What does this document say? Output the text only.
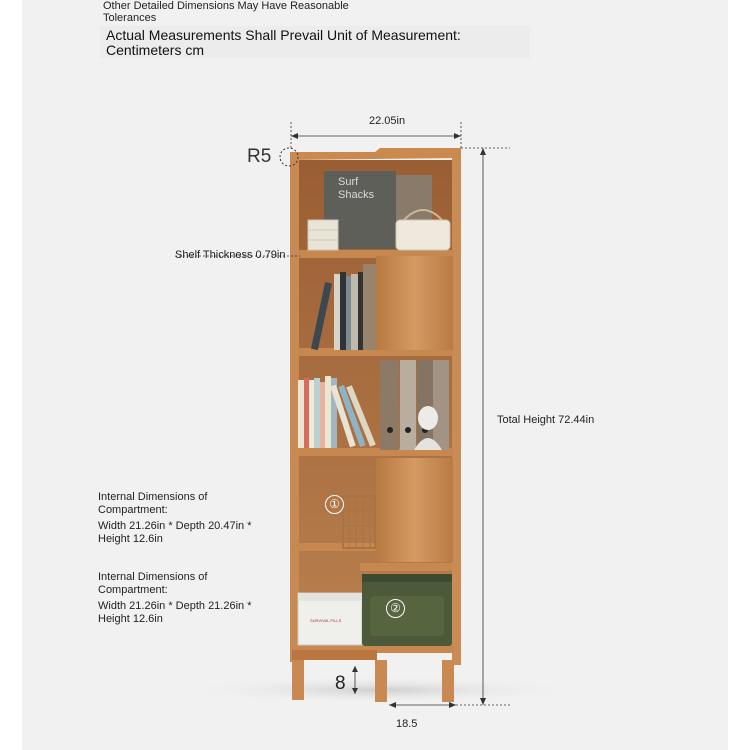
Other Detailed Dimensions May Have Reasonable Tolerances
Actual Measurements Shall Prevail Unit of Measurement: Centimeters cm
SURVIVAL PILLS
22.05in
R5
Shelf Thickness 0.79in
Total Height 72.44in
8
18.5
①
②
Internal Dimensions of Compartment:
Width 21.26in * Depth 20.47in * Height 12.6in
Internal Dimensions of Compartment:
Width 21.26in * Depth 21.26in * Height 12.6in
Surf Shacks
